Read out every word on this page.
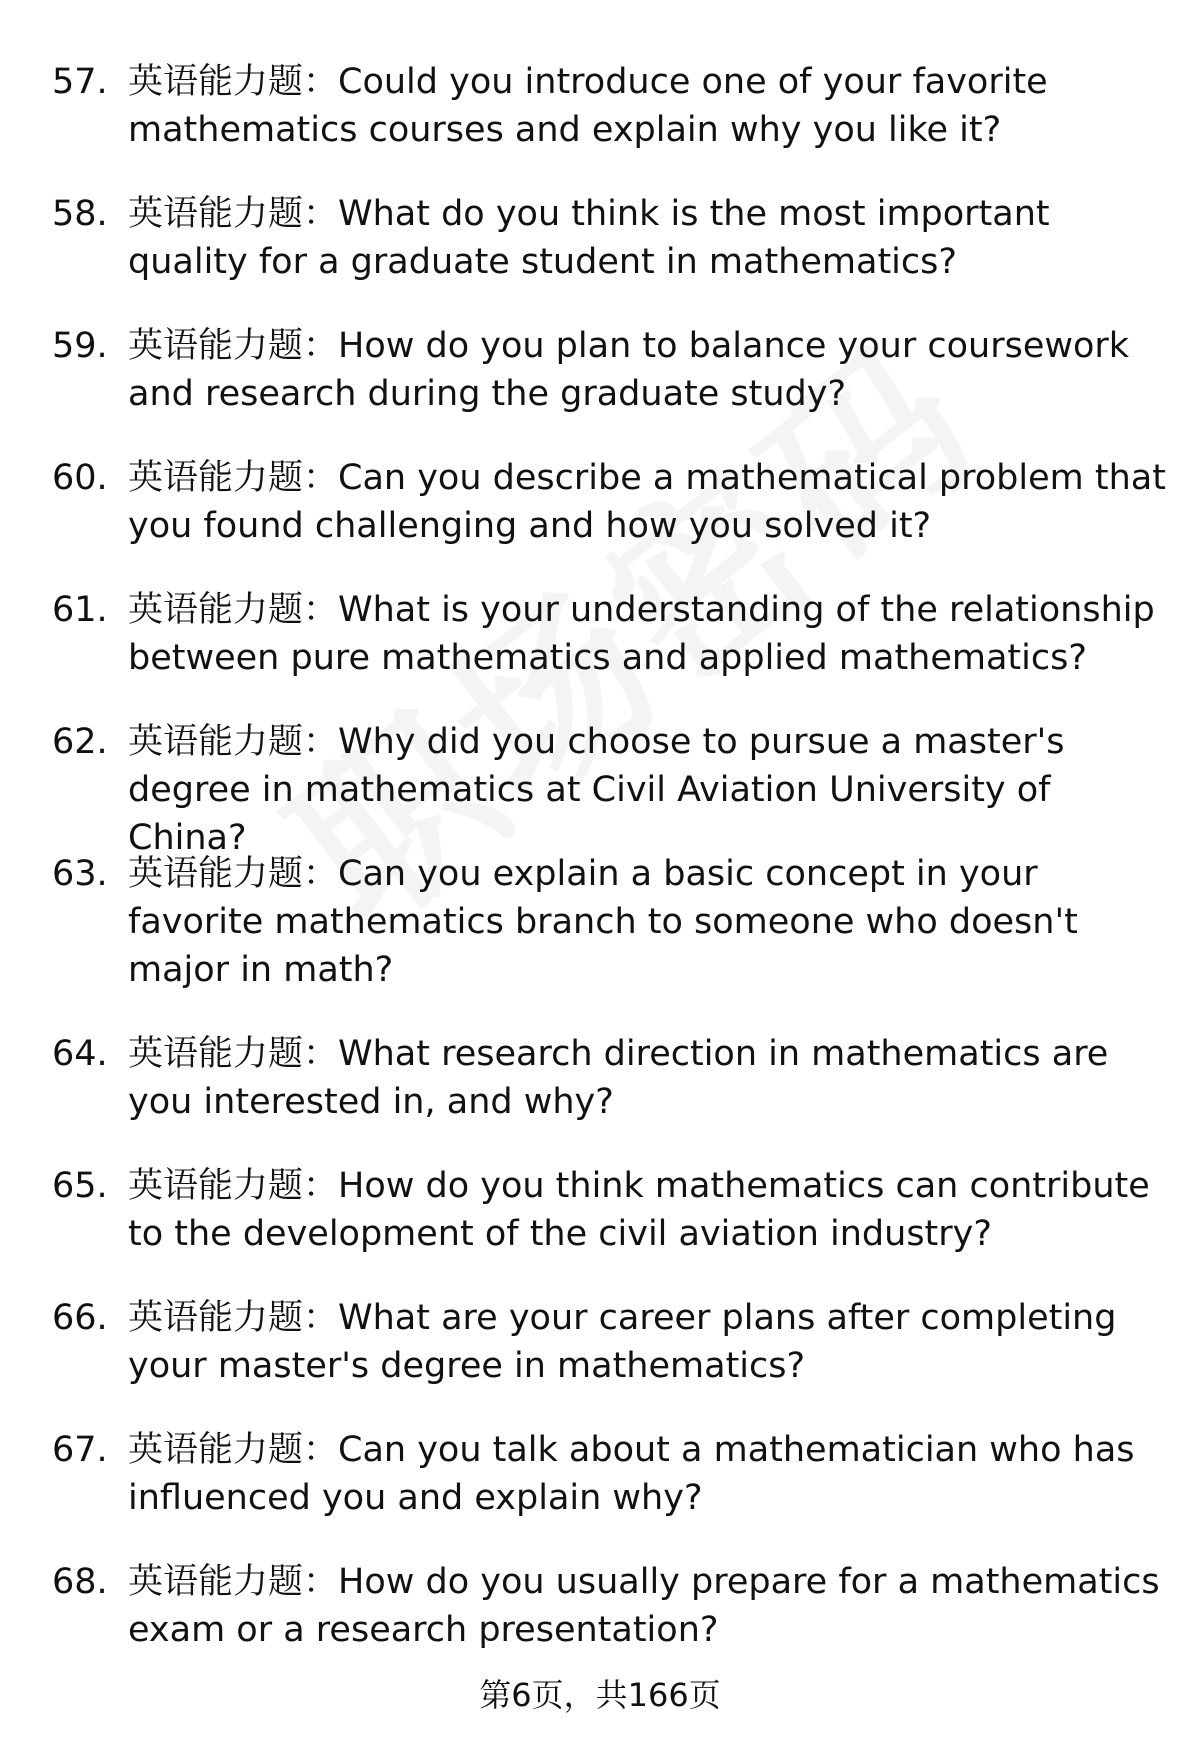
57. 英语能力题：Could you introduce one of your favorite mathematics courses and explain why you like it?
58. 英语能力题：What do you think is the most important quality for a graduate student in mathematics?
59. 英语能力题：How do you plan to balance your coursework and research during the graduate study?
60. 英语能力题：Can you describe a mathematical problem that you found challenging and how you solved it?
61. 英语能力题：What is your understanding of the relationship between pure mathematics and applied mathematics?
62. 英语能力题：Why did you choose to pursue a master's degree in mathematics at Civil Aviation University of China?
63. 英语能力题：Can you explain a basic concept in your favorite mathematics branch to someone who doesn't major in math?
64. 英语能力题：What research direction in mathematics are you interested in, and why?
65. 英语能力题：How do you think mathematics can contribute to the development of the civil aviation industry?
66. 英语能力题：What are your career plans after completing your master's degree in mathematics?
67. 英语能力题：Can you talk about a mathematician who has influenced you and explain why?
68. 英语能力题：How do you usually prepare for a mathematics exam or a research presentation?
第6页，共166页
